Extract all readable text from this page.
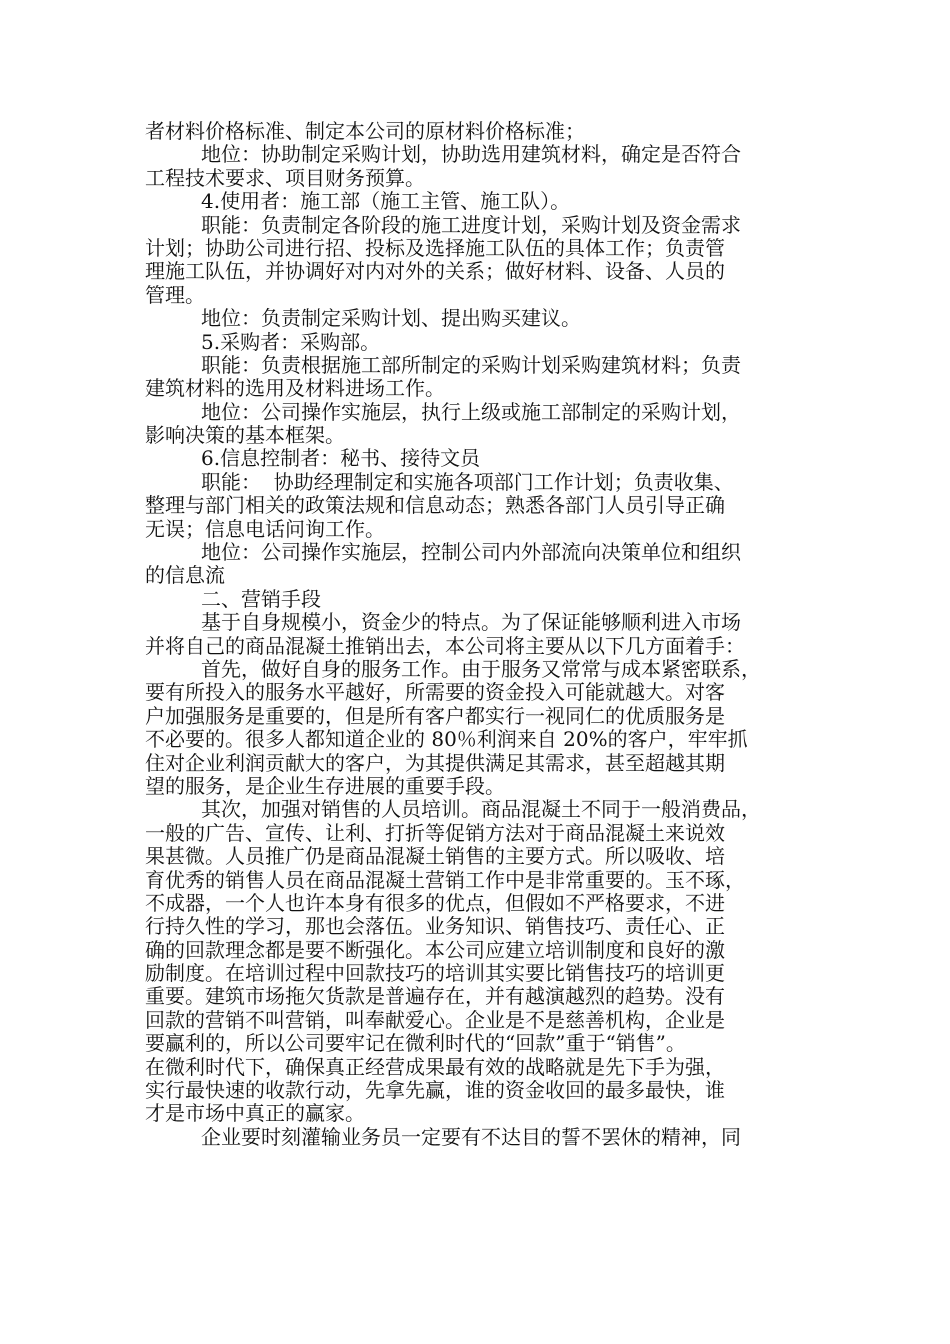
者材料价格标准、制定本公司的原材料价格标准；
地位：协助制定采购计划，协助选用建筑材料，确定是否符合
工程技术要求、项目财务预算。
4.使用者：施工部（施工主管、施工队）。
职能：负责制定各阶段的施工进度计划，采购计划及资金需求
计划；协助公司进行招、投标及选择施工队伍的具体工作；负责管
理施工队伍，并协调好对内对外的关系；做好材料、设备、人员的
管理。
地位：负责制定采购计划、提出购买建议。
5.采购者：采购部。
职能：负责根据施工部所制定的采购计划采购建筑材料；负责
建筑材料的选用及材料进场工作。
地位：公司操作实施层，执行上级或施工部制定的采购计划，
影响决策的基本框架。
6.信息控制者：秘书、接待文员
职能：  协助经理制定和实施各项部门工作计划；负责收集、
整理与部门相关的政策法规和信息动态；熟悉各部门人员引导正确
无误；信息电话问询工作。
地位：公司操作实施层，控制公司内外部流向决策单位和组织
的信息流
二、营销手段
基于自身规模小，资金少的特点。为了保证能够顺利进入市场
并将自己的商品混凝土推销出去，本公司将主要从以下几方面着手：
首先，做好自身的服务工作。由于服务又常常与成本紧密联系，
要有所投入的服务水平越好，所需要的资金投入可能就越大。对客
户加强服务是重要的，但是所有客户都实行一视同仁的优质服务是
不必要的。很多人都知道企业的 80％利润来自 20%的客户，牢牢抓
住对企业利润贡献大的客户，为其提供满足其需求，甚至超越其期
望的服务，是企业生存进展的重要手段。
其次，加强对销售的人员培训。商品混凝土不同于一般消费品，
一般的广告、宣传、让利、打折等促销方法对于商品混凝土来说效
果甚微。人员推广仍是商品混凝土销售的主要方式。所以吸收、培
育优秀的销售人员在商品混凝土营销工作中是非常重要的。玉不琢，
不成器，一个人也许本身有很多的优点，但假如不严格要求，不进
行持久性的学习，那也会落伍。业务知识、销售技巧、责任心、正
确的回款理念都是要不断强化。本公司应建立培训制度和良好的激
励制度。在培训过程中回款技巧的培训其实要比销售技巧的培训更
重要。建筑市场拖欠货款是普遍存在，并有越演越烈的趋势。没有
回款的营销不叫营销，叫奉献爱心。企业是不是慈善机构，企业是
要赢利的，所以公司要牢记在微利时代的“回款”重于“销售”。
在微利时代下，确保真正经营成果最有效的战略就是先下手为强，
实行最快速的收款行动，先拿先赢，谁的资金收回的最多最快，谁
才是市场中真正的赢家。
企业要时刻灌输业务员一定要有不达目的誓不罢休的精神，同
